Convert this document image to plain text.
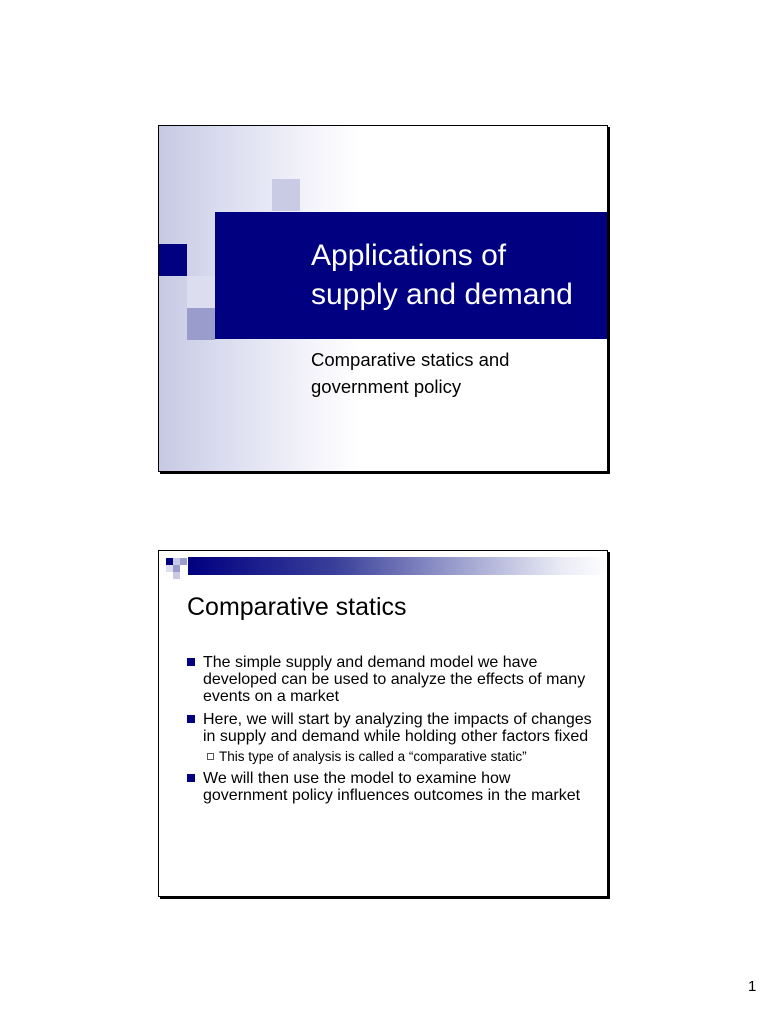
Applications of supply and demand

Comparative statics and government policy

Comparative statics
The simple supply and demand model we have developed can be used to analyze the effects of many events on a market
Here, we will start by analyzing the impacts of changes in supply and demand while holding other factors fixed
This type of analysis is called a “comparative static”
We will then use the model to examine how government policy influences outcomes in the market
1
